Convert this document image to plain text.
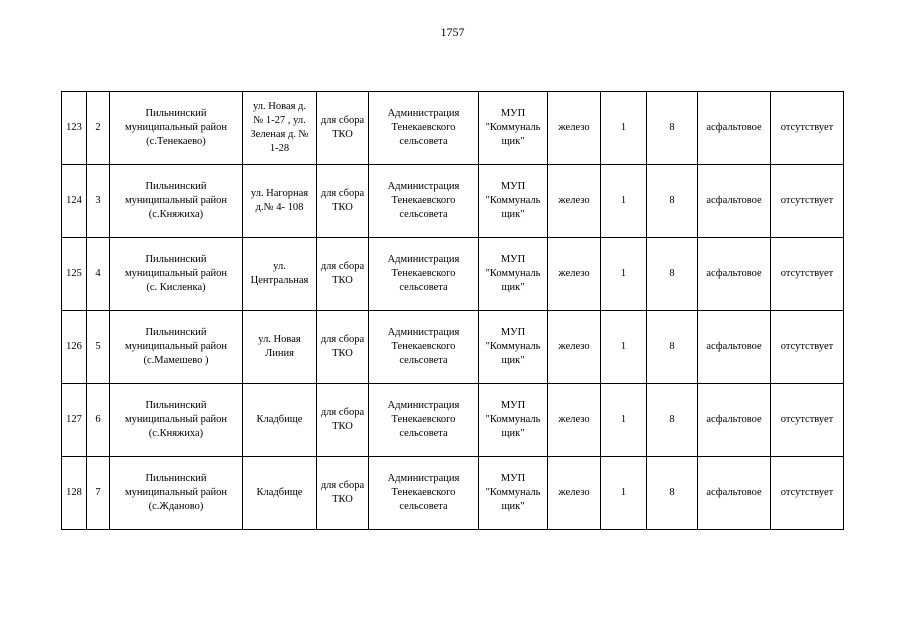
1757
123	2	Пильнинский
муниципальный район
(с.Тенекаево)	ул. Новая д.
№ 1-27 , ул.
Зеленая д. №
1-28	для сбора
ТКО	Администрация
Тенекаевского
сельсовета	МУП
"Коммуналь
щик"	железо	1	8	асфальтовое	отсутствует
124	3	Пильнинский
муниципальный район
(с.Княжиха)	ул. Нагорная
д.№ 4- 108	для сбора
ТКО	Администрация
Тенекаевского
сельсовета	МУП
"Коммуналь
щик"	железо	1	8	асфальтовое	отсутствует
125	4	Пильнинский
муниципальный район
(с. Кисленка)	ул.
Центральная	для сбора
ТКО	Администрация
Тенекаевского
сельсовета	МУП
"Коммуналь
щик"	железо	1	8	асфальтовое	отсутствует
126	5	Пильнинский
муниципальный район
(с.Мамешево )	ул. Новая
Линия	для сбора
ТКО	Администрация
Тенекаевского
сельсовета	МУП
"Коммуналь
щик"	железо	1	8	асфальтовое	отсутствует
127	6	Пильнинский
муниципальный район
(с.Княжиха)	Кладбище	для сбора
ТКО	Администрация
Тенекаевского
сельсовета	МУП
"Коммуналь
щик"	железо	1	8	асфальтовое	отсутствует
128	7	Пильнинский
муниципальный район
(с.Жданово)	Кладбище	для сбора
ТКО	Администрация
Тенекаевского
сельсовета	МУП
"Коммуналь
щик"	железо	1	8	асфальтовое	отсутствует
